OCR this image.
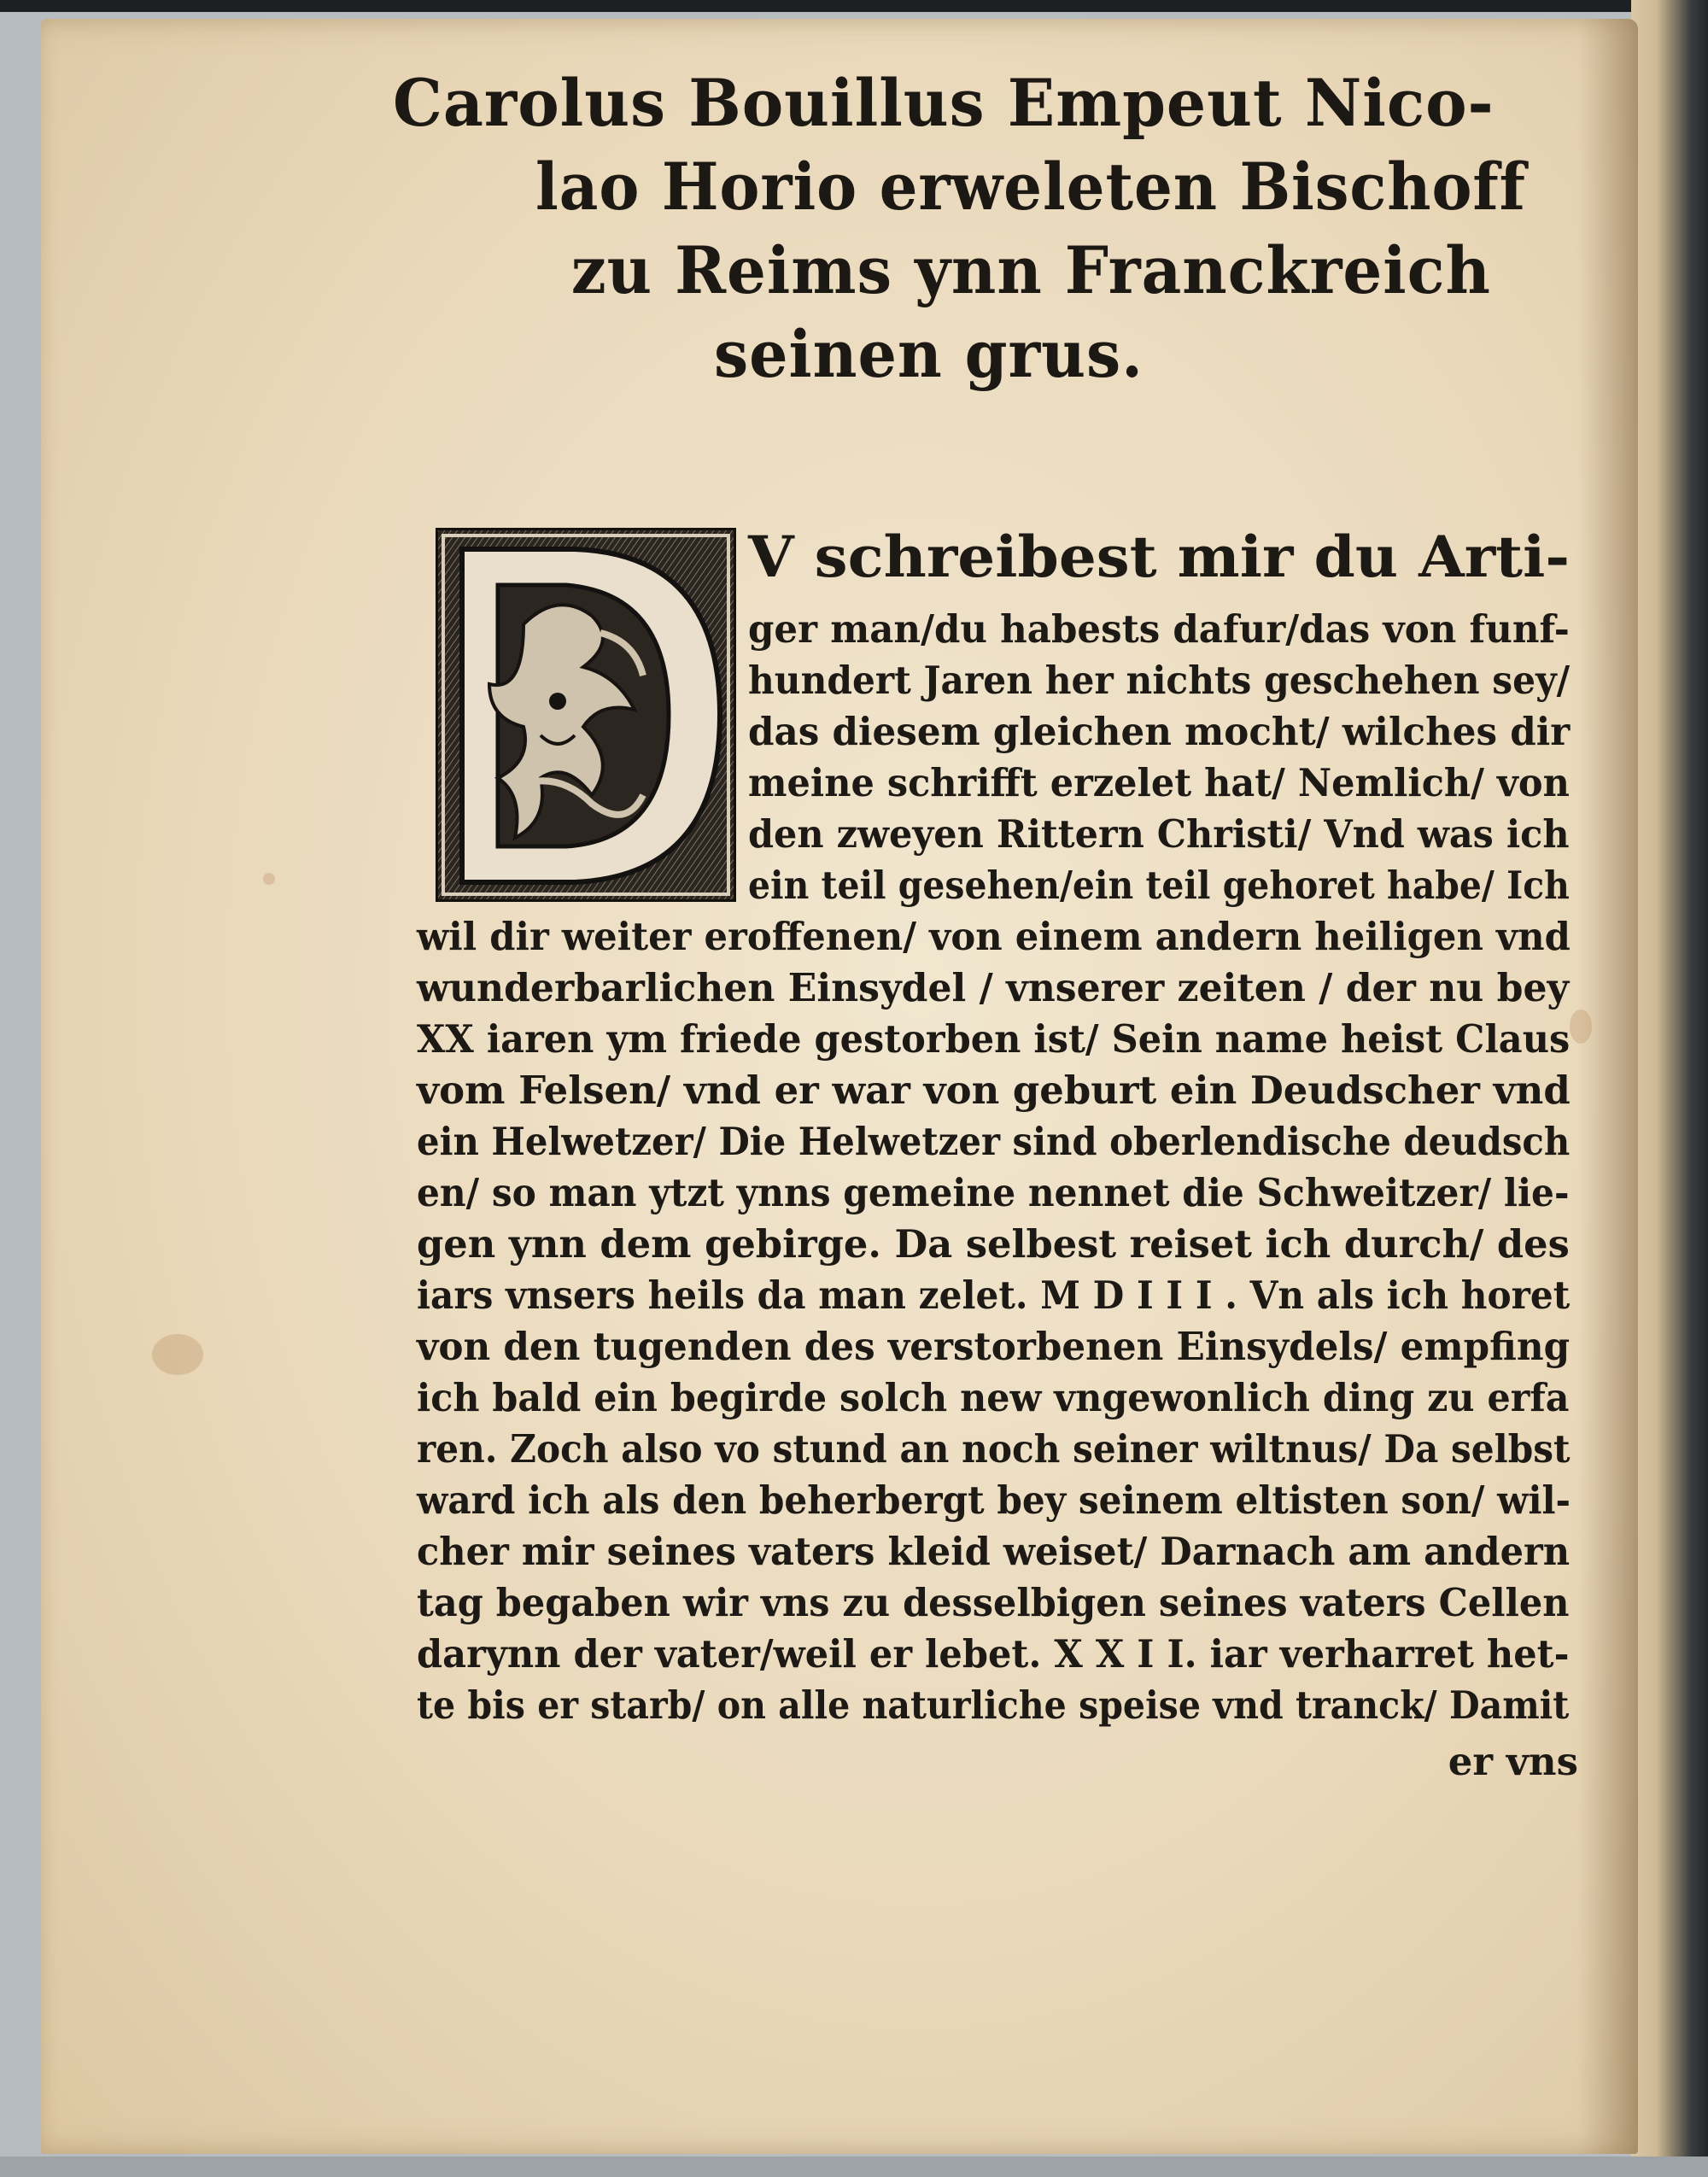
Carolus Bouillus Empeut Nico-
lao Horio erweleten Bischoff
zu Reims ynn Franckreich
seinen grus.
V schreibest mir du Arti-
ger man/du habests dafur/das von funf-
hundert Jaren her nichts geschehen sey/
das diesem gleichen mocht/ wilches dir
meine schrifft erzelet hat/ Nemlich/ von
den zweyen Rittern Christi/ Vnd was ich
ein teil gesehen/ein teil gehoret habe/ Ich
wil dir weiter eroffenen/ von einem andern heiligen vnd
wunderbarlichen Einsydel / vnserer zeiten / der nu bey
XX iaren ym friede gestorben ist/ Sein name heist Claus
vom Felsen/ vnd er war von geburt ein Deudscher vnd
ein Helwetzer/ Die Helwetzer sind oberlendische deudsch
en/ so man ytzt ynns gemeine nennet die Schweitzer/ lie-
gen ynn dem gebirge. Da selbest reiset ich durch/ des
iars vnsers heils da man zelet. M D I I I . Vn als ich horet
von den tugenden des verstorbenen Einsydels/ empfing
ich bald ein begirde solch new vngewonlich ding zu erfa
ren. Zoch also vo stund an noch seiner wiltnus/ Da selbst
ward ich als den beherbergt bey seinem eltisten son/ wil-
cher mir seines vaters kleid weiset/ Darnach am andern
tag begaben wir vns zu desselbigen seines vaters Cellen
darynn der vater/weil er lebet. X X I I. iar verharret het-
te bis er starb/ on alle naturliche speise vnd tranck/ Damit
er vns
